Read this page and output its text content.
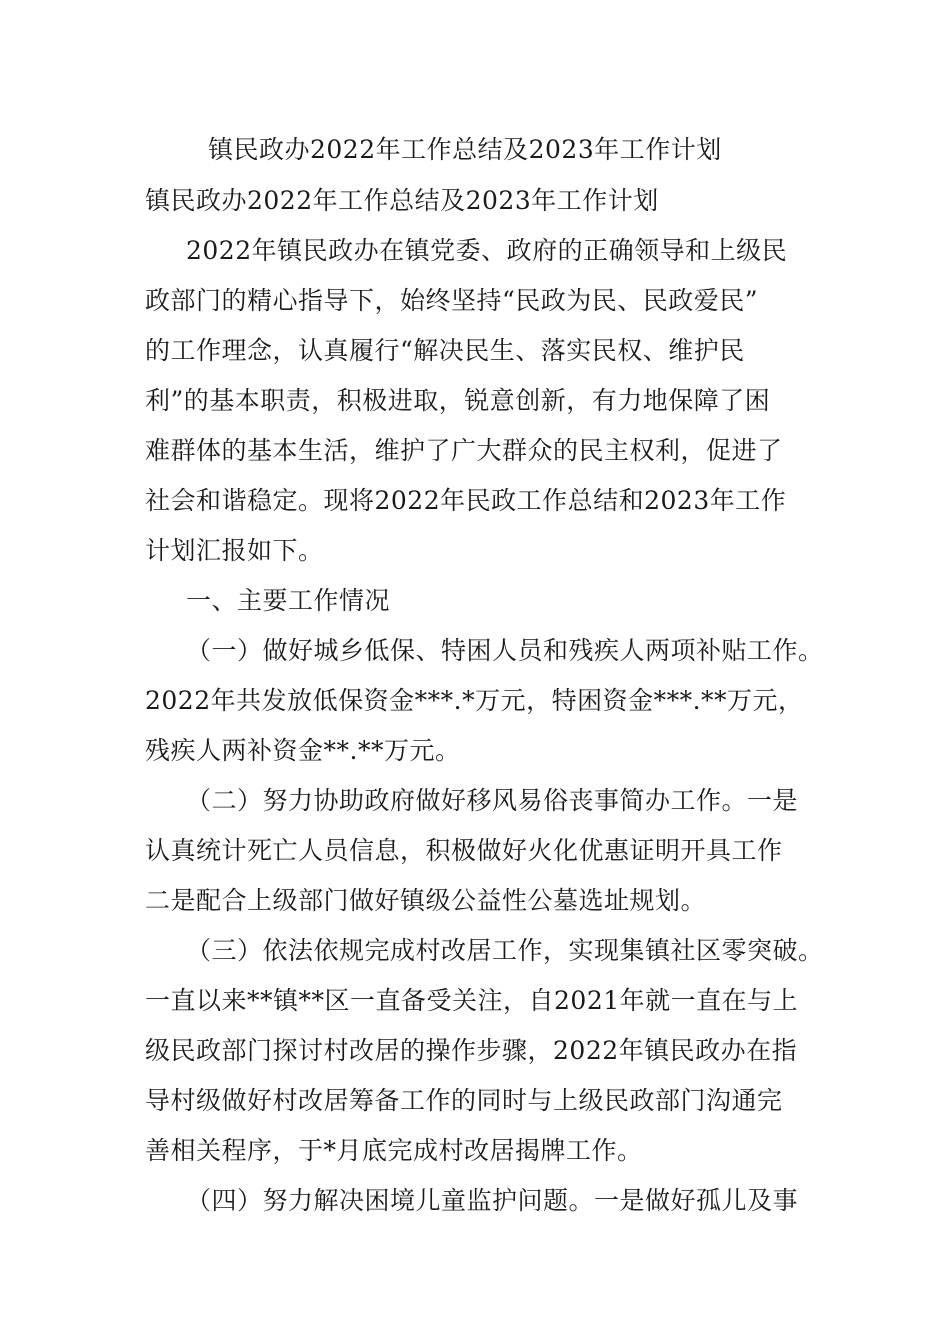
镇民政办2022年工作总结及2023年工作计划
镇民政办2022年工作总结及2023年工作计划
2022年镇民政办在镇党委、政府的正确领导和上级民
政部门的精心指导下，始终坚持“民政为民、民政爱民”
的工作理念，认真履行“解决民生、落实民权、维护民
利”的基本职责，积极进取，锐意创新，有力地保障了困
难群体的基本生活，维护了广大群众的民主权利，促进了
社会和谐稳定。现将2022年民政工作总结和2023年工作
计划汇报如下。
一、主要工作情况
（一）做好城乡低保、特困人员和残疾人两项补贴工作。
2022年共发放低保资金***.*万元，特困资金***.**万元，
残疾人两补资金**.**万元。
（二）努力协助政府做好移风易俗丧事简办工作。一是
认真统计死亡人员信息，积极做好火化优惠证明开具工作
二是配合上级部门做好镇级公益性公墓选址规划。
（三）依法依规完成村改居工作，实现集镇社区零突破。
一直以来**镇**区一直备受关注，自2021年就一直在与上
级民政部门探讨村改居的操作步骤，2022年镇民政办在指
导村级做好村改居筹备工作的同时与上级民政部门沟通完
善相关程序，于*月底完成村改居揭牌工作。
（四）努力解决困境儿童监护问题。一是做好孤儿及事
